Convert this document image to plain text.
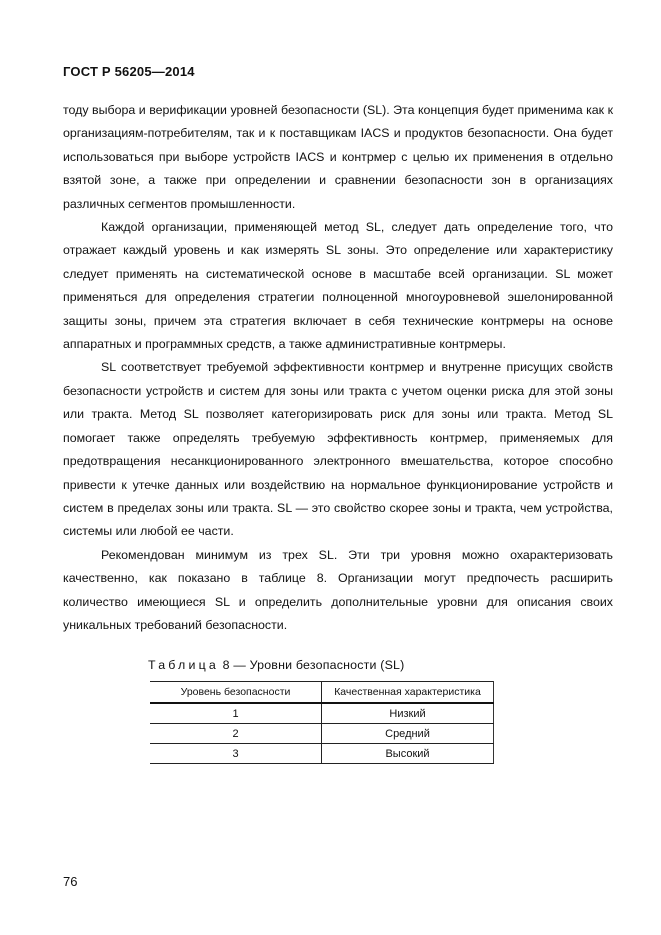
ГОСТ Р 56205—2014

тоду выбора и верификации уровней безопасности (SL). Эта концепция будет применима как к организациям-потребителям, так и к поставщикам IACS и продуктов безопасности. Она будет использоваться при выборе устройств IACS и контрмер с целью их применения в отдельно взятой зоне, а также при определении и сравнении безопасности зон в организациях различных сегментов промышленности.

Каждой организации, применяющей метод SL, следует дать определение того, что отражает каждый уровень и как измерять SL зоны. Это определение или характеристику следует применять на систематической основе в масштабе всей организации. SL может применяться для определения стратегии полноценной многоуровневой эшелонированной защиты зоны, причем эта стратегия включает в себя технические контрмеры на основе аппаратных и программных средств, а также административные контрмеры.

SL соответствует требуемой эффективности контрмер и внутренне присущих свойств безопасности устройств и систем для зоны или тракта с учетом оценки риска для этой зоны или тракта. Метод SL позволяет категоризировать риск для зоны или тракта. Метод SL помогает также определять требуемую эффективность контрмер, применяемых для предотвращения несанкционированного электронного вмешательства, которое способно привести к утечке данных или воздействию на нормальное функционирование устройств и систем в пределах зоны или тракта. SL — это свойство скорее зоны и тракта, чем устройства, системы или любой ее части.

Рекомендован минимум из трех SL. Эти три уровня можно охарактеризовать качественно, как показано в таблице 8. Организации могут предпочесть расширить количество имеющиеся SL и определить дополнительные уровни для описания своих уникальных требований безопасности.

Таблица 8 — Уровни безопасности (SL)
Уровень безопасности	Качественная характеристика
1	Низкий
2	Средний
3	Высокий
76
